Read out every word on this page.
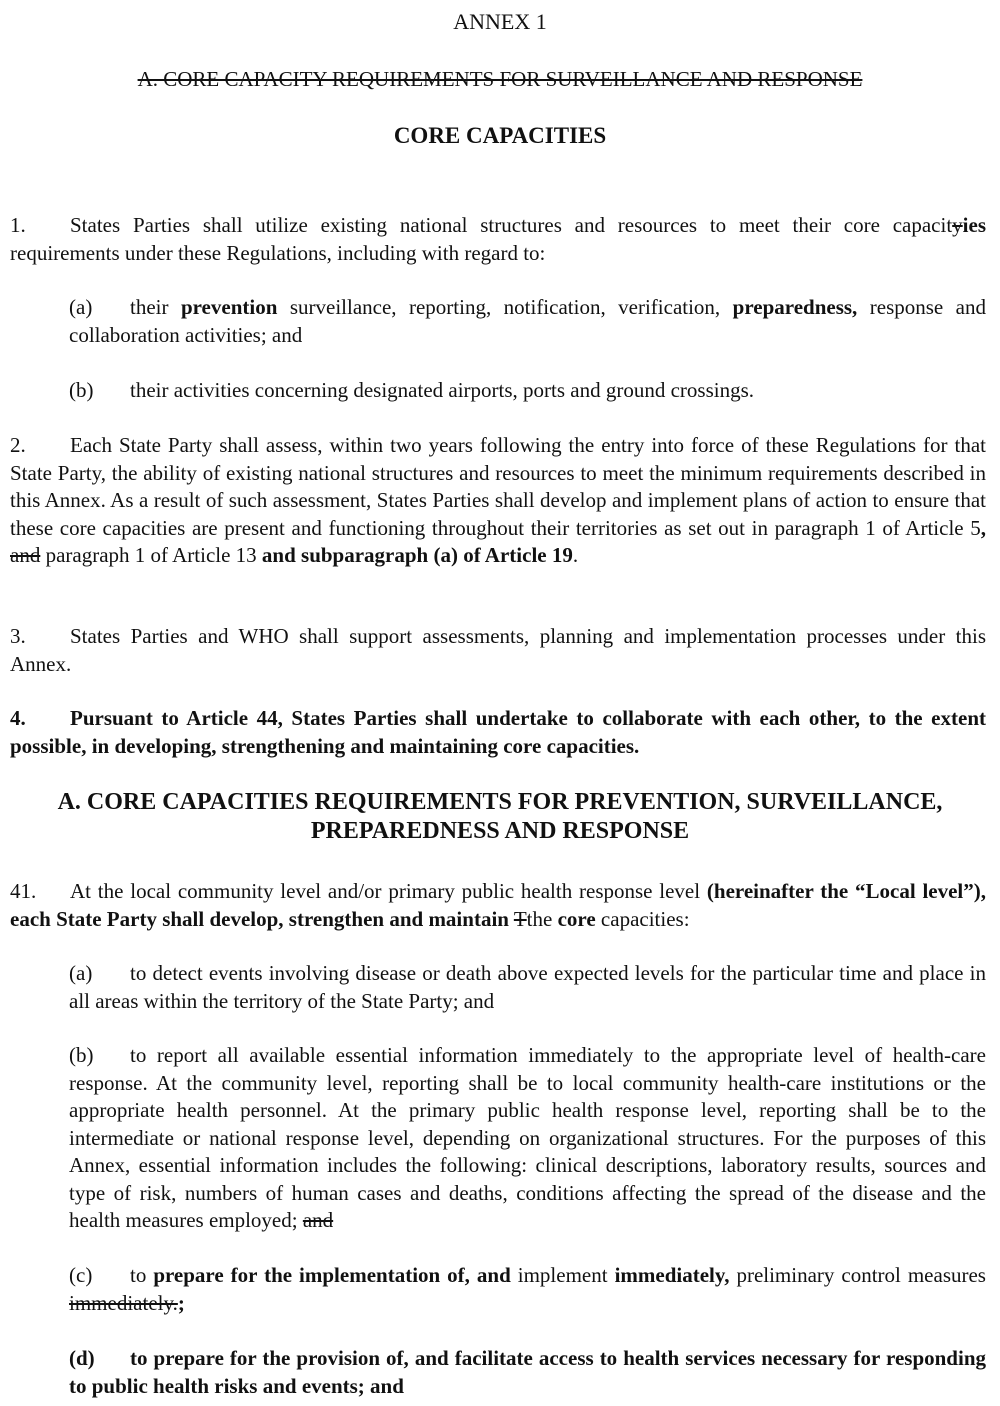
ANNEX 1
A. CORE CAPACITY REQUIREMENTS FOR SURVEILLANCE AND RESPONSE
CORE CAPACITIES
1. States Parties shall utilize existing national structures and resources to meet their core capacityies requirements under these Regulations, including with regard to:
(a) their prevention surveillance, reporting, notification, verification, preparedness, response and collaboration activities; and
(b) their activities concerning designated airports, ports and ground crossings.
2. Each State Party shall assess, within two years following the entry into force of these Regulations for that State Party, the ability of existing national structures and resources to meet the minimum requirements described in this Annex. As a result of such assessment, States Parties shall develop and implement plans of action to ensure that these core capacities are present and functioning throughout their territories as set out in paragraph 1 of Article 5, and paragraph 1 of Article 13 and subparagraph (a) of Article 19.
3. States Parties and WHO shall support assessments, planning and implementation processes under this Annex.
4. Pursuant to Article 44, States Parties shall undertake to collaborate with each other, to the extent possible, in developing, strengthening and maintaining core capacities.
A. CORE CAPACITIES REQUIREMENTS FOR PREVENTION, SURVEILLANCE,
PREPAREDNESS AND RESPONSE
41. At the local community level and/or primary public health response level (hereinafter the “Local level”), each State Party shall develop, strengthen and maintain Tthe core capacities:
(a) to detect events involving disease or death above expected levels for the particular time and place in all areas within the territory of the State Party; and
(b) to report all available essential information immediately to the appropriate level of health-care response. At the community level, reporting shall be to local community health-care institutions or the appropriate health personnel. At the primary public health response level, reporting shall be to the intermediate or national response level, depending on organizational structures. For the purposes of this Annex, essential information includes the following: clinical descriptions, laboratory results, sources and type of risk, numbers of human cases and deaths, conditions affecting the spread of the disease and the health measures employed; and
(c) to prepare for the implementation of, and implement immediately, preliminary control measures immediately.;
(d) to prepare for the provision of, and facilitate access to health services necessary for responding to public health risks and events; and
